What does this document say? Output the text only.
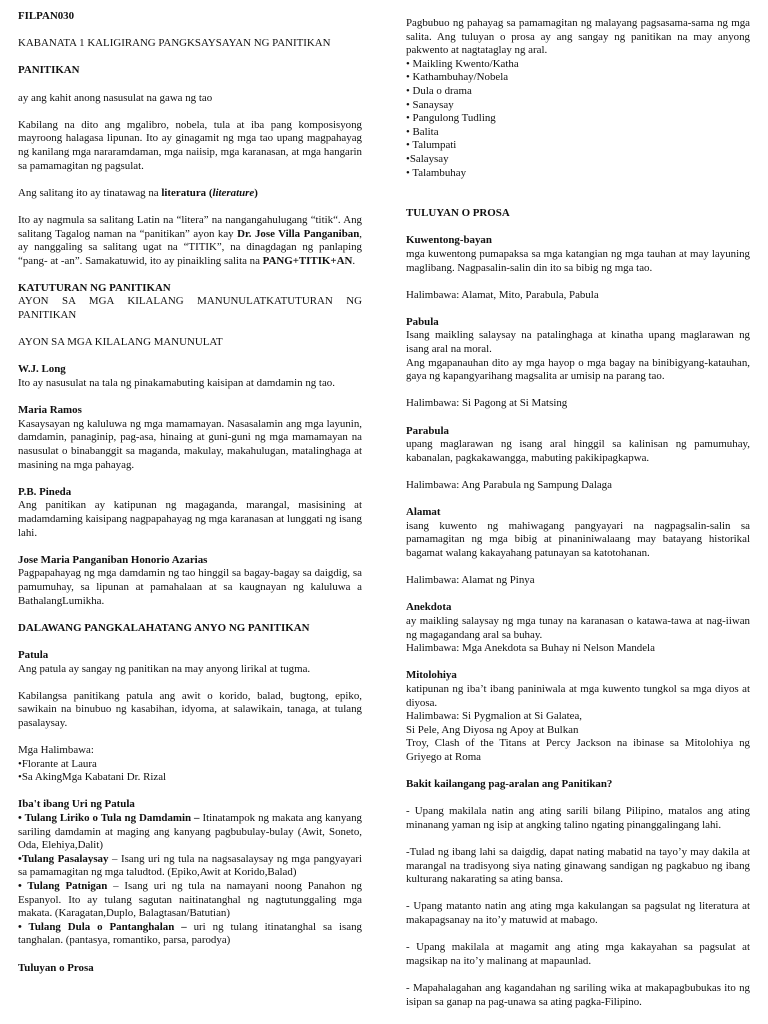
FILPAN030

KABANATA 1 KALIGIRANG PANGKSAYSAYAN NG PANITIKAN

PANITIKAN

ay ang kahit anong nasusulat na gawa ng tao

Kabilang na dito ang mgalibro, nobela, tula at iba pang komposisyong mayroong halagasa lipunan. Ito ay ginagamit ng mga tao upang magpahayag ng kanilang mga nararamdaman, mga naiisip, mga karanasan, at mga hangarin sa pamamagitan ng pagsulat.

Ang salitang ito ay tinatawag na literatura (literature)

Ito ay nagmula sa salitang Latin na “litera” na nangangahulugang “titik“. Ang salitang Tagalog naman na “panitikan” ayon kay Dr. Jose Villa Panganiban, ay nanggaling sa salitang ugat na “TITIK”, na dinagdagan ng panlaping “pang- at -an”. Samakatuwid, ito ay pinaikling salita na PANG+TITIK+AN.

KATUTURAN NG PANITIKAN

AYON SA MGA KILALANG MANUNULATKATUTURAN NG PANITIKAN

AYON SA MGA KILALANG MANUNULAT

W.J. Long

Ito ay nasusulat na tala ng pinakamabuting kaisipan at damdamin ng tao.

Maria Ramos

Kasaysayan ng kaluluwa ng mga mamamayan. Nasasalamin ang mga layunin, damdamin, panaginip, pag-asa, hinaing at guni-guni ng mga mamamayan na nasusulat o binabanggit sa maganda, makulay, makahulugan, matalinghaga at masining na mga pahayag.

P.B. Pineda

Ang panitikan ay katipunan ng magaganda, marangal, masisining at madamdaming kaisipang nagpapahayag ng mga karanasan at lunggati ng isang lahi.

Jose Maria Panganiban Honorio Azarias

Pagpapahayag ng mga damdamin ng tao hinggil sa bagay-bagay sa daigdig, sa pamumuhay, sa lipunan at pamahalaan at sa kaugnayan ng kaluluwa a BathalangLumikha.

DALAWANG PANGKALAHATANG ANYO NG PANITIKAN

Patula

Ang patula ay sangay ng panitikan na may anyong lirikal at tugma.

Kabilangsa panitikang patula ang awit o korido, balad, bugtong, epiko, sawikain na binubuo ng kasabihan, idyoma, at salawikain, tanaga, at tulang pasalaysay.

Mga Halimbawa:

•Florante at Laura

•Sa AkingMga Kabatani Dr. Rizal

Iba't ibang Uri ng Patula

• Tulang Liriko o Tula ng Damdamin – Itinatampok ng makata ang kanyang sariling damdamin at maging ang kanyang pagbubulay-bulay (Awit, Soneto, Oda, Elehiya,Dalit)

•Tulang Pasalaysay – Isang uri ng tula na nagsasalaysay ng mga pangyayari sa pamamagitan ng mga taludtod. (Epiko,Awit at Korido,Balad)

• Tulang Patnigan – Isang uri ng tula na namayani noong Panahon ng Espanyol. Ito ay tulang sagutan naitinatanghal ng nagtutunggaling mga makata. (Karagatan,Duplo, Balagtasan/Batutian)

• Tulang Dula o Pantanghalan – uri ng tulang itinatanghal sa isang tanghalan. (pantasya, romantiko, parsa, parodya)

Tuluyan o Prosa

Pagbubuo ng pahayag sa pamamagitan ng malayang pagsasama-sama ng mga salita. Ang tuluyan o prosa ay ang sangay ng panitikan na may anyong pakwento at nagtataglay ng aral.

• Maikling Kwento/Katha

• Kathambuhay/Nobela

• Dula o drama

• Sanaysay

• Pangulong Tudling

• Balita

• Talumpati

•Salaysay

• Talambuhay

TULUYAN O PROSA

Kuwentong-bayan

mga kuwentong pumapaksa sa mga katangian ng mga tauhan at may layuning maglibang. Nagpasalin-salin din ito sa bibig ng mga tao.

Halimbawa: Alamat, Mito, Parabula, Pabula

Pabula

Isang maikling salaysay na patalinghaga at kinatha upang maglarawan ng isang aral na moral.

Ang mgapanauhan dito ay mga hayop o mga bagay na binibigyang-katauhan, gaya ng kapangyarihang magsalita ar umisip na parang tao.

Halimbawa: Si Pagong at Si Matsing

Parabula

upang maglarawan ng isang aral hinggil sa kalinisan ng pamumuhay, kabanalan, pagkakawangga, mabuting pakikipagkapwa.

Halimbawa: Ang Parabula ng Sampung Dalaga

Alamat

isang kuwento ng mahiwagang pangyayari na nagpagsalin-salin sa pamamagitan ng mga bibig at pinaniniwalaang may batayang historikal bagamat walang kakayahang patunayan sa katotohanan.

Halimbawa: Alamat ng Pinya

Anekdota

ay maikling salaysay ng mga tunay na karanasan o katawa-tawa at nag-iiwan ng magagandang aral sa buhay.

Halimbawa: Mga Anekdota sa Buhay ni Nelson Mandela

Mitolohiya

katipunan ng iba’t ibang paniniwala at mga kuwento tungkol sa mga diyos at diyosa.

Halimbawa: Si Pygmalion at Si Galatea,

Si Pele, Ang Diyosa ng Apoy at Bulkan

Troy, Clash of the Titans at Percy Jackson na ibinase sa Mitolohiya ng Griyego at Roma

Bakit kailangang pag-aralan ang Panitikan?

- Upang makilala natin ang ating sarili bilang Pilipino, matalos ang ating minanang yaman ng isip at angking talino ngating pinanggalingang lahi.

-Tulad ng ibang lahi sa daigdig, dapat nating mabatid na tayo’y may dakila at marangal na tradisyong siya nating ginawang sandigan ng pagkabuo ng ibang kulturang nakarating sa ating bansa.

- Upang matanto natin ang ating mga kakulangan sa pagsulat ng literatura at makapagsanay na ito’y matuwid at mabago.

- Upang makilala at magamit ang ating mga kakayahan sa pagsulat at magsikap na ito’y malinang at mapaunlad.

- Mapahalagahan ang kagandahan ng sariling wika at makapagbubukas ito ng isipan sa ganap na pag-unawa sa ating pagka-Filipino.
